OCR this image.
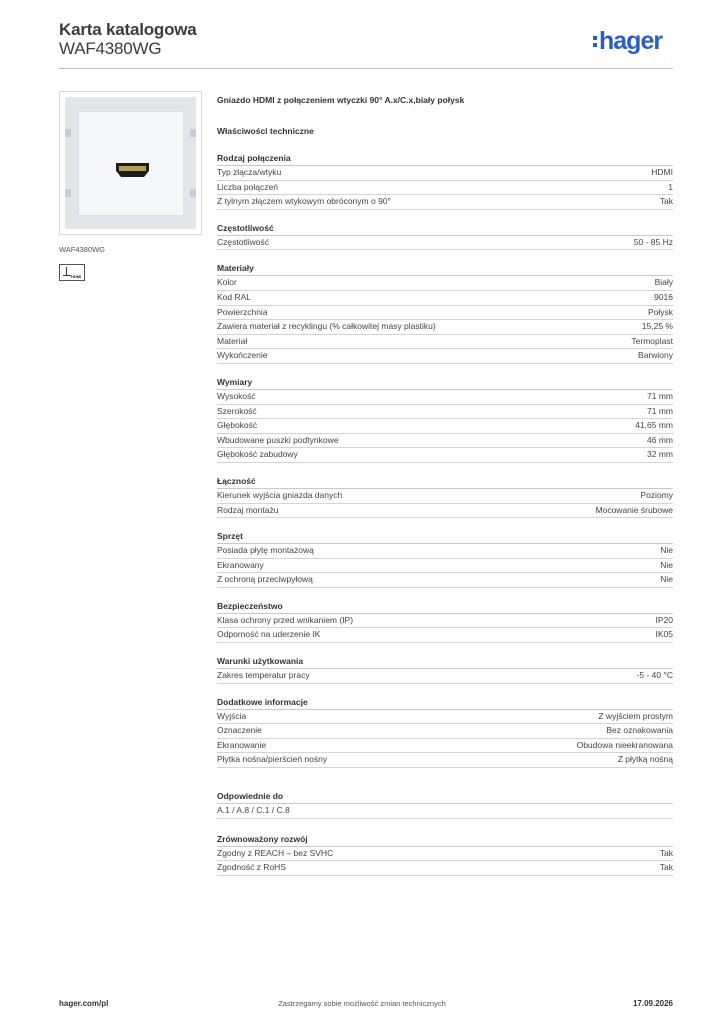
Karta katalogowa
WAF4380WG	hager
WAF4380WG
HDMI
Gniazdo HDMI z połączeniem wtyczki 90° A.x/C.x,biały połysk
Właściwości techniczne
Rodzaj połączenia
Typ złącza/wtyku	HDMI
Liczba połączeń	1
Z tylnym złączem wtykowym obróconym o 90°	Tak
Częstotliwość
Częstotliwość	50 - 85 Hz
Materiały
Kolor	Biały
Kod RAL	9016
Powierzchnia	Połysk
Zawiera materiał z recyklingu (% całkowitej masy plastiku)	15,25 %
Materiał	Termoplast
Wykończenie	Barwiony
Wymiary
Wysokość	71 mm
Szerokość	71 mm
Głębokość	41,65 mm
Wbudowane puszki podtynkowe	46 mm
Głębokość zabudowy	32 mm
Łączność
Kierunek wyjścia gniazda danych	Poziomy
Rodzaj montażu	Mocowanie śrubowe
Sprzęt
Posiada płytę montażową	Nie
Ekranowany	Nie
Z ochroną przeciwpyłową	Nie
Bezpieczeństwo
Klasa ochrony przed wnikaniem (IP)	IP20
Odporność na uderzenie IK	IK05
Warunki użytkowania
Zakres temperatur pracy	-5 - 40 °C
Dodatkowe informacje
Wyjścia	Z wyjściem prostym
Oznaczenie	Bez oznakowania
Ekranowanie	Obudowa nieekranowana
Płytka nośna/pierścień nośny	Z płytką nośną
Odpowiednie do
A.1 / A.8 / C.1 / C.8
Zrównoważony rozwój
Zgodny z REACH – bez SVHC	Tak
Zgodność z RoHS	Tak
hager.com/pl	Zastrzegamy sobie możliwość zmian technicznych	17.09.2026
